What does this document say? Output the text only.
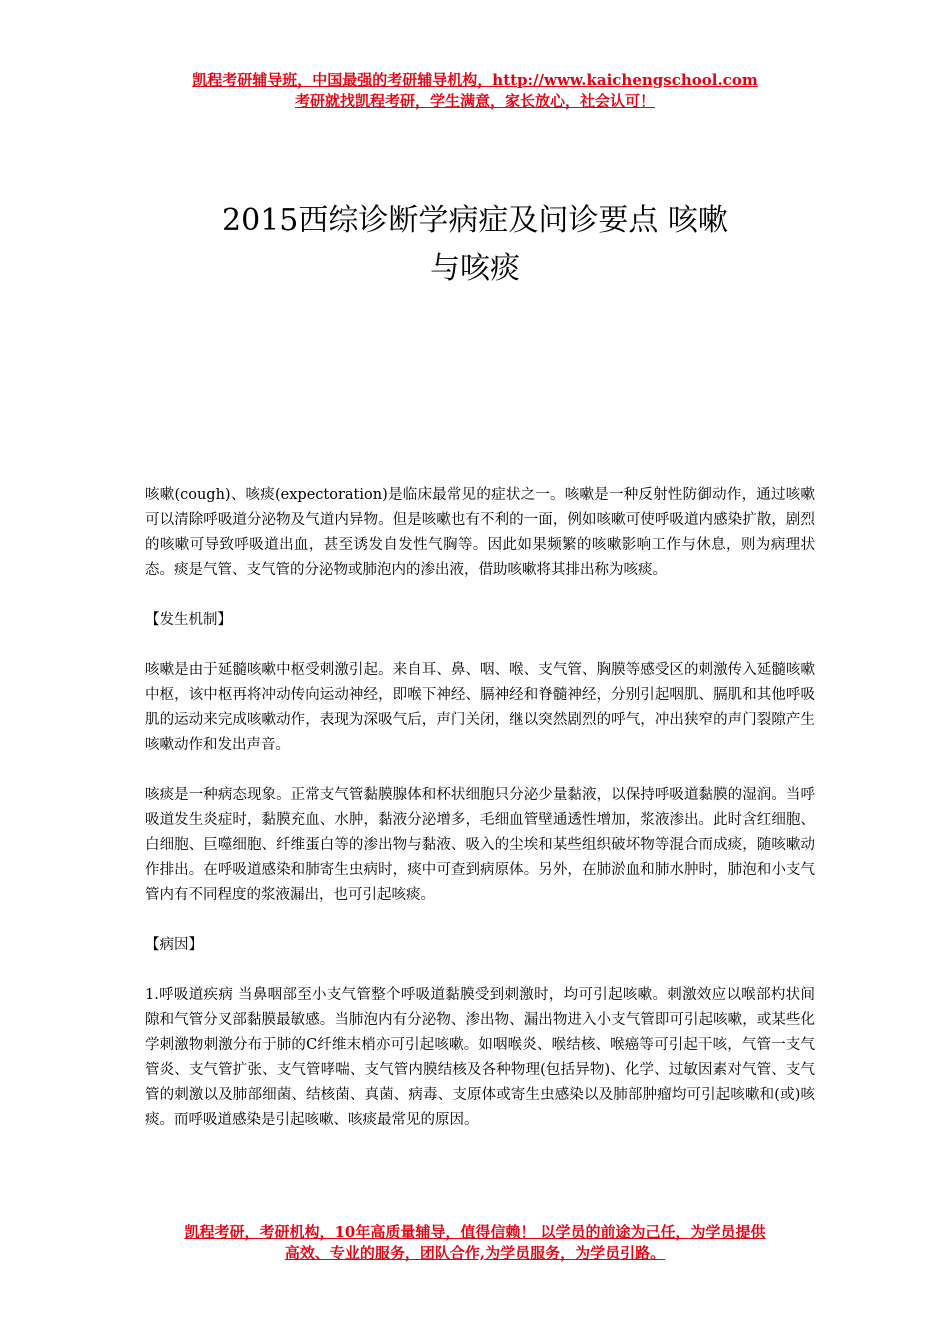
凯程考研辅导班，中国最强的考研辅导机构，http://www.kaichengschool.com
考研就找凯程考研，学生满意，家长放心，社会认可！
2015西综诊断学病症及问诊要点 咳嗽
与咳痰

咳嗽(cough)、咳痰(expectoration)是临床最常见的症状之一。咳嗽是一种反射性防御动作，通过咳嗽可以清除呼吸道分泌物及气道内异物。但是咳嗽也有不利的一面，例如咳嗽可使呼吸道内感染扩散，剧烈的咳嗽可导致呼吸道出血，甚至诱发自发性气胸等。因此如果频繁的咳嗽影响工作与休息，则为病理状态。痰是气管、支气管的分泌物或肺泡内的渗出液，借助咳嗽将其排出称为咳痰。

【发生机制】

咳嗽是由于延髓咳嗽中枢受刺激引起。来自耳、鼻、咽、喉、支气管、胸膜等感受区的刺激传入延髓咳嗽中枢，该中枢再将冲动传向运动神经，即喉下神经、膈神经和脊髓神经，分别引起咽肌、膈肌和其他呼吸肌的运动来完成咳嗽动作，表现为深吸气后，声门关闭，继以突然剧烈的呼气，冲出狭窄的声门裂隙产生咳嗽动作和发出声音。

咳痰是一种病态现象。正常支气管黏膜腺体和杯状细胞只分泌少量黏液，以保持呼吸道黏膜的湿润。当呼吸道发生炎症时，黏膜充血、水肿，黏液分泌增多，毛细血管壁通透性增加，浆液渗出。此时含红细胞、白细胞、巨噬细胞、纤维蛋白等的渗出物与黏液、吸入的尘埃和某些组织破坏物等混合而成痰，随咳嗽动作排出。在呼吸道感染和肺寄生虫病时，痰中可查到病原体。另外，在肺淤血和肺水肿时，肺泡和小支气管内有不同程度的浆液漏出，也可引起咳痰。

【病因】

1.呼吸道疾病 当鼻咽部至小支气管整个呼吸道黏膜受到刺激时，均可引起咳嗽。刺激效应以喉部杓状间隙和气管分叉部黏膜最敏感。当肺泡内有分泌物、渗出物、漏出物进入小支气管即可引起咳嗽，或某些化学刺激物刺激分布于肺的C纤维末梢亦可引起咳嗽。如咽喉炎、喉结核、喉癌等可引起干咳，气管一支气管炎、支气管扩张、支气管哮喘、支气管内膜结核及各种物理(包括异物)、化学、过敏因素对气管、支气管的刺激以及肺部细菌、结核菌、真菌、病毒、支原体或寄生虫感染以及肺部肿瘤均可引起咳嗽和(或)咳痰。而呼吸道感染是引起咳嗽、咳痰最常见的原因。

凯程考研，考研机构，10年高质量辅导，值得信赖！ 以学员的前途为己任，为学员提供
高效、专业的服务，团队合作,为学员服务，为学员引路。
